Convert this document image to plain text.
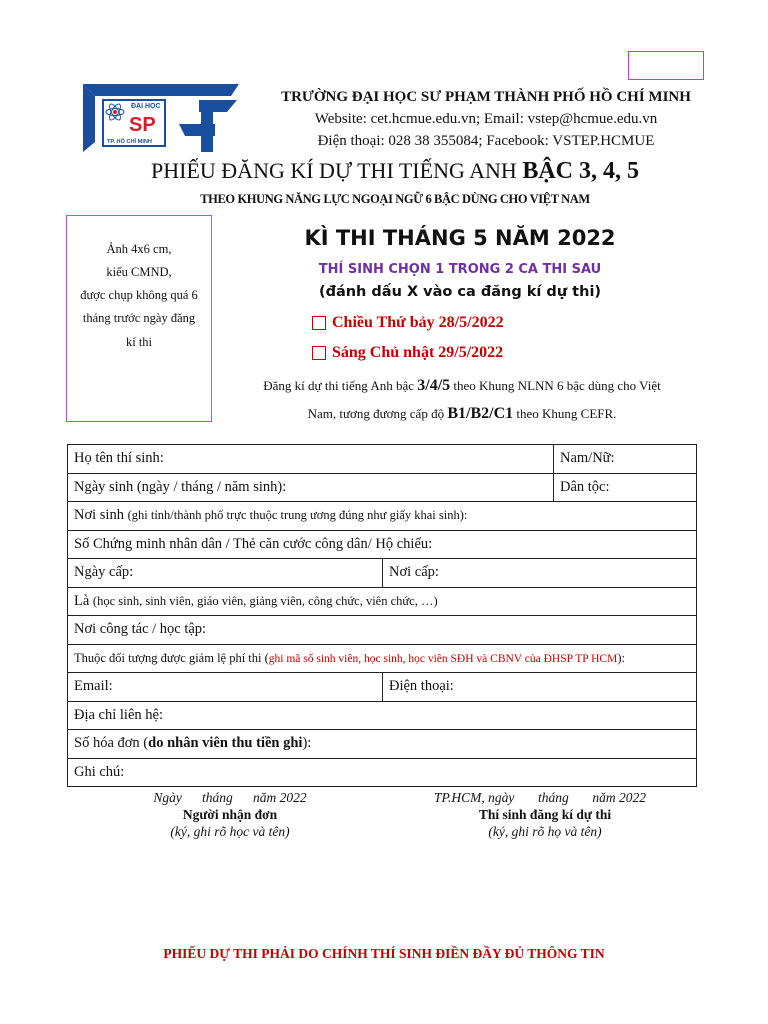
ĐẠI HỌC
SP
TP. HỒ CHÍ MINH
TRƯỜNG ĐẠI HỌC SƯ PHẠM THÀNH PHỐ HỒ CHÍ MINH
Website: cet.hcmue.edu.vn; Email: vstep@hcmue.edu.vn
Điện thoại: 028 38 355084; Facebook: VSTEP.HCMUE
PHIẾU ĐĂNG KÍ DỰ THI TIẾNG ANH BẬC 3, 4, 5
THEO KHUNG NĂNG LỰC NGOẠI NGỮ 6 BẬC DÙNG CHO VIỆT NAM
Ảnh 4x6 cm,
kiểu CMND,
được chụp không quá 6
tháng trước ngày đăng
kí thi
KÌ THI THÁNG 5 NĂM 2022
THÍ SINH CHỌN 1 TRONG 2 CA THI SAU
(đánh dấu X vào ca đăng kí dự thi)
Chiều Thứ bảy 28/5/2022
Sáng Chủ nhật 29/5/2022
Đăng kí dự thi tiếng Anh bậc 3/4/5 theo Khung NLNN 6 bậc dùng cho Việt
Nam, tương đương cấp độ B1/B2/C1 theo Khung CEFR.
Họ tên thí sinh:		Nam/Nữ:
Ngày sinh (ngày / tháng / năm sinh):		Dân tộc:
Nơi sinh (ghi tỉnh/thành phố trực thuộc trung ương đúng như giấy khai sinh):		
Số Chứng minh nhân dân / Thẻ căn cước công dân/ Hộ chiếu:		
Ngày cấp:	Nơi cấp:	
Là (học sinh, sinh viên, giáo viên, giảng viên, công chức, viên chức, …)		
Nơi công tác / học tập:		
Thuộc đối tượng được giảm lệ phí thi (ghi mã số sinh viên, học sinh, học viên SĐH và CBNV của ĐHSP TP HCM):		
Email:	Điện thoại:	
Địa chỉ liên hệ:		
Số hóa đơn (do nhân viên thu tiền ghi):		
Ghi chú:		
Ngày      tháng      năm 2022	TP.HCM, ngày       tháng       năm 2022
Người nhận đơn	Thí sinh đăng kí dự thi
(ký, ghi rõ học và tên)	(ký, ghi rõ họ và tên)
PHIẾU DỰ THI PHẢI DO CHÍNH THÍ SINH ĐIỀN ĐẦY ĐỦ THÔNG TIN
